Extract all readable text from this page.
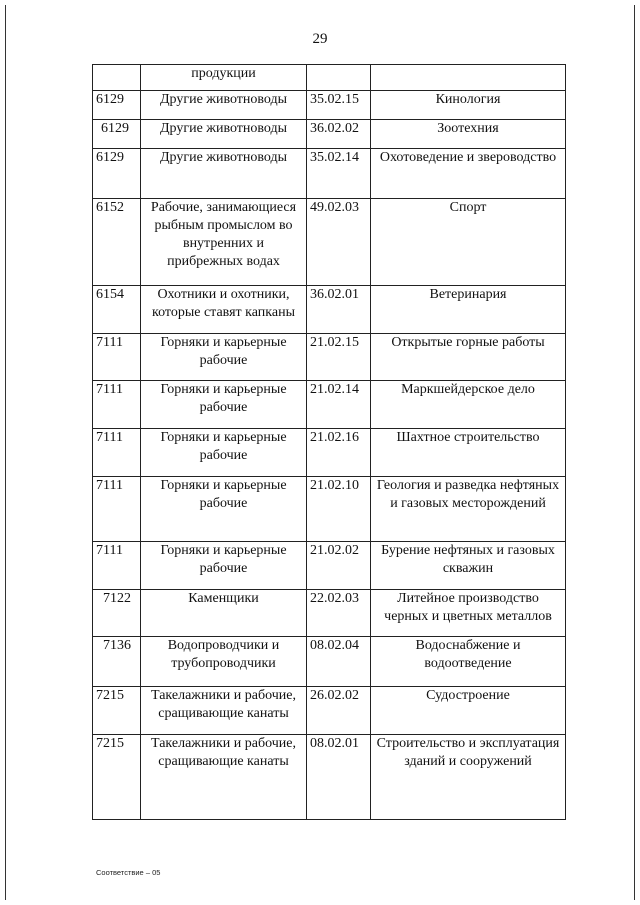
29
	продукции		
6129	Другие животноводы	35.02.15	Кинология
6129	Другие животноводы	36.02.02	Зоотехния
6129	Другие животноводы	35.02.14	Охотоведение и звероводство
6152	Рабочие, занимающиеся рыбным промыслом во внутренних и прибрежных водах	49.02.03	Спорт
6154	Охотники и охотники, которые ставят капканы	36.02.01	Ветеринария
7111	Горняки и карьерные рабочие	21.02.15	Открытые горные работы
7111	Горняки и карьерные рабочие	21.02.14	Маркшейдерское дело
7111	Горняки и карьерные рабочие	21.02.16	Шахтное строительство
7111	Горняки и карьерные рабочие	21.02.10	Геология и разведка нефтяных и газовых месторождений
7111	Горняки и карьерные рабочие	21.02.02	Бурение нефтяных и газовых скважин
7122	Каменщики	22.02.03	Литейное производство черных и цветных металлов
7136	Водопроводчики и трубопроводчики	08.02.04	Водоснабжение и водоотведение
7215	Такелажники и рабочие, сращивающие канаты	26.02.02	Судостроение
7215	Такелажники и рабочие, сращивающие канаты	08.02.01	Строительство и эксплуатация зданий и сооружений
Соответствие – 05
